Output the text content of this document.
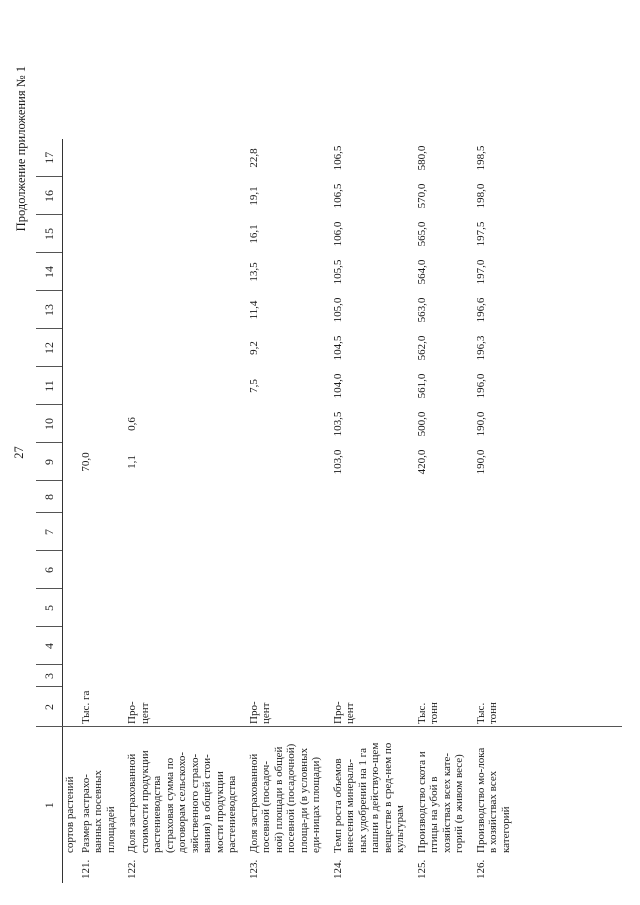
27
Продолжение приложения № 1
1	2	3	4	5	6	7	8	9	10	11	12	13	14	15	16	17
сортов растений																
121.Размер застрахо-ванных посевных площадей	Тыс. га							70,0								
122.Доля застрахованной стоимости продукции растениеводства (страховая сумма по договорам сельскохо-зяйственного страхо-вания) в общей стои-мости продукции растениеводства	Про-цент							1,1	0,6							
123.Доля застрахованной посевной (посадоч-ной) площади в общей посевной (посадочной) площа-ди (в условных еди-ницах площади)	Про-цент									7,5	9,2	11,4	13,5	16,1	19,1	22,8
124.Темп роста объемов внесения минераль-ных удобрений на 1 га пашни в действую-щем веществе в сред-нем по культурам	Про-цент							103,0	103,5	104,0	104,5	105,0	105,5	106,0	106,5	106,5
125.Производство скота и птицы на убой в хозяйствах всех кате-горий (в живом весе)	Тыс. тонн							420,0	500,0	561,0	562,0	563,0	564,0	565,0	570,0	580,0
126.Производство мо-лока в хозяйствах всех категорий	Тыс. тонн							190,0	190,0	196,0	196,3	196,6	197,0	197,5	198,0	198,5
